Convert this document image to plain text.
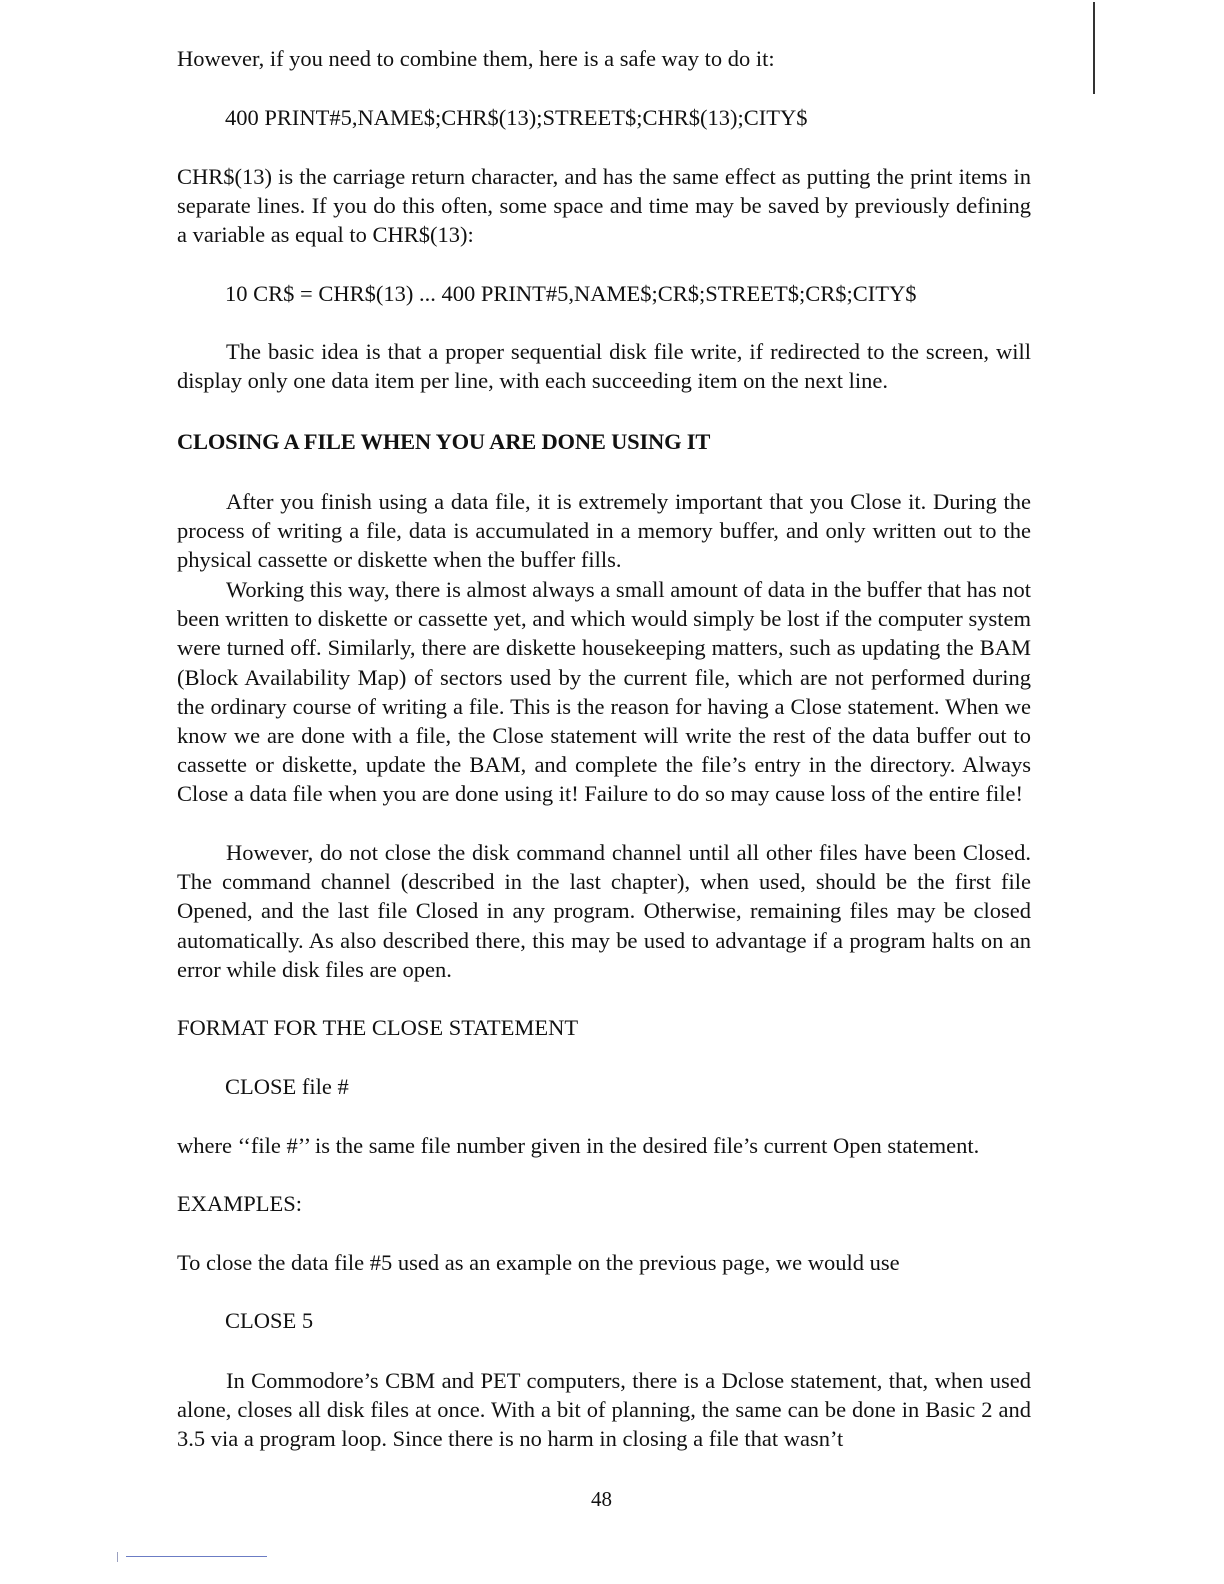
However, if you need to combine them, here is a safe way to do it:

400 PRINT#5,NAME$;CHR$(13);STREET$;CHR$(13);CITY$

CHR$(13) is the carriage return character, and has the same effect as putting the print items in separate lines. If you do this often, some space and time may be saved by previously defining a variable as equal to CHR$(13):

10 CR$ = CHR$(13) ... 400 PRINT#5,NAME$;CR$;STREET$;CR$;CITY$

The basic idea is that a proper sequential disk file write, if redirected to the screen, will display only one data item per line, with each succeeding item on the next line.

CLOSING A FILE WHEN YOU ARE DONE USING IT

After you finish using a data file, it is extremely important that you Close it. During the process of writing a file, data is accumulated in a memory buffer, and only written out to the physical cassette or diskette when the buffer fills.

Working this way, there is almost always a small amount of data in the buffer that has not been written to diskette or cassette yet, and which would simply be lost if the computer system were turned off. Similarly, there are diskette housekeeping matters, such as updating the BAM (Block Availability Map) of sectors used by the current file, which are not performed during the ordinary course of writing a file. This is the reason for having a Close statement. When we know we are done with a file, the Close statement will write the rest of the data buffer out to cassette or diskette, update the BAM, and complete the file’s entry in the directory. Always Close a data file when you are done using it! Failure to do so may cause loss of the entire file!

However, do not close the disk command channel until all other files have been Closed. The command channel (described in the last chapter), when used, should be the first file Opened, and the last file Closed in any program. Otherwise, remaining files may be closed automatically. As also described there, this may be used to advantage if a program halts on an error while disk files are open.

FORMAT FOR THE CLOSE STATEMENT

CLOSE file #

where ‘‘file #’’ is the same file number given in the desired file’s current Open statement.

EXAMPLES:

To close the data file #5 used as an example on the previous page, we would use

CLOSE 5

In Commodore’s CBM and PET computers, there is a Dclose statement, that, when used alone, closes all disk files at once. With a bit of planning, the same can be done in Basic 2 and 3.5 via a program loop. Since there is no harm in closing a file that wasn’t

48
